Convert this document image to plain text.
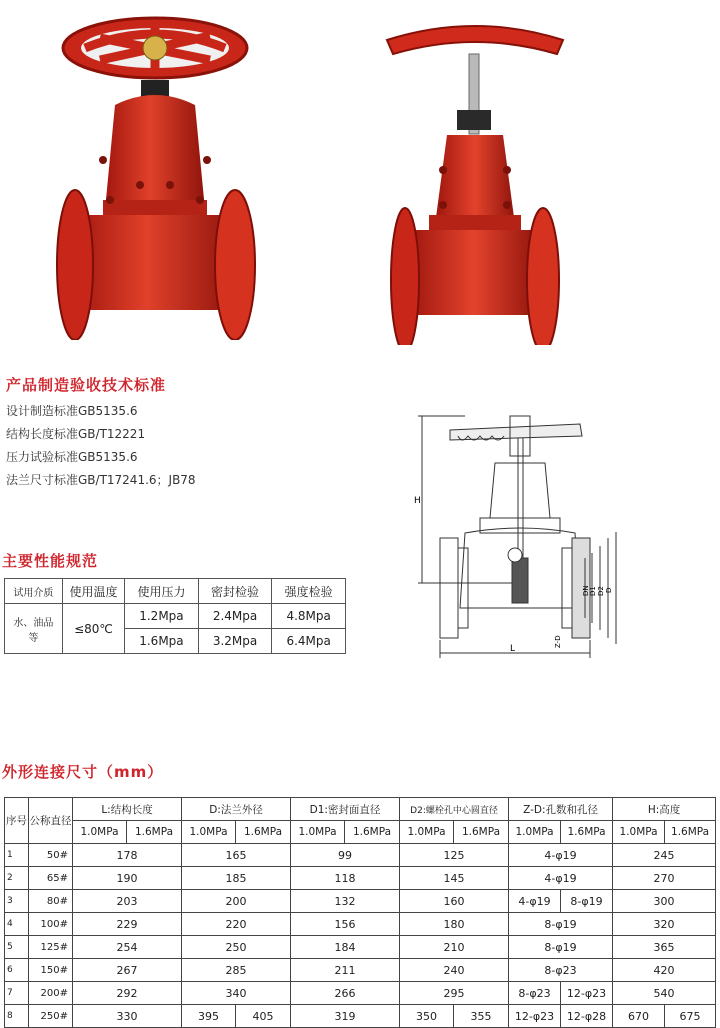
产品制造验收技术标准
设计制造标准GB5135.6
结构长度标准GB/T12221
压力试验标准GB5135.6
法兰尺寸标准GB/T17241.6；JB78
主要性能规范
试用介质	使用温度	使用压力	密封检验	强度检验
水、油品等	≤80℃	1.2Mpa	2.4Mpa	4.8Mpa
		1.6Mpa	3.2Mpa	6.4Mpa
H
L
D
D2
D1
DN
Z-D
外形连接尺寸（mm）
序号	公称直径	L:结构长度		D:法兰外径		D1:密封面直径		D2:螺栓孔中心圆直径		Z-D:孔数和孔径		H:高度	
		1.0MPa	1.6MPa	1.0MPa	1.6MPa	1.0MPa	1.6MPa	1.0MPa	1.6MPa	1.0MPa	1.6MPa	1.0MPa	1.6MPa
1	50#	178		165		99		125		4-φ19		245	
2	65#	190		185		118		145		4-φ19		270	
3	80#	203		200		132		160		4-φ19	8-φ19	300	
4	100#	229		220		156		180		8-φ19		320	
5	125#	254		250		184		210		8-φ19		365	
6	150#	267		285		211		240		8-φ23		420	
7	200#	292		340		266		295		8-φ23	12-φ23	540	
8	250#	330		395	405	319		350	355	12-φ23	12-φ28	670	675
